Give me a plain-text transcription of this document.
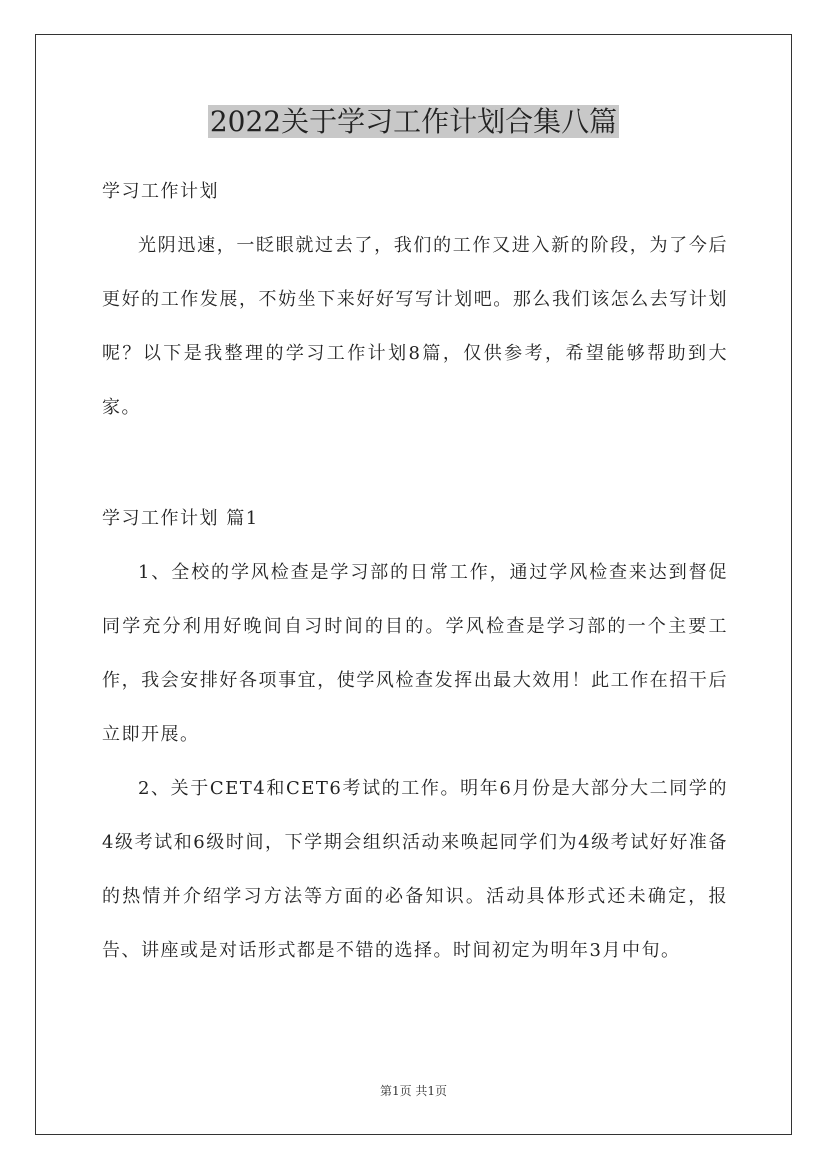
2022关于学习工作计划合集八篇

学习工作计划

光阴迅速，一眨眼就过去了，我们的工作又进入新的阶段，为了今后更好的工作发展，不妨坐下来好好写写计划吧。那么我们该怎么去写计划呢？以下是我整理的学习工作计划8篇，仅供参考，希望能够帮助到大家。

学习工作计划 篇1

1、全校的学风检查是学习部的日常工作，通过学风检查来达到督促同学充分利用好晚间自习时间的目的。学风检查是学习部的一个主要工作，我会安排好各项事宜，使学风检查发挥出最大效用！此工作在招干后立即开展。

2、关于CET4和CET6考试的工作。明年6月份是大部分大二同学的4级考试和6级时间，下学期会组织活动来唤起同学们为4级考试好好准备的热情并介绍学习方法等方面的必备知识。活动具体形式还未确定，报告、讲座或是对话形式都是不错的选择。时间初定为明年3月中旬。

第1页 共1页
